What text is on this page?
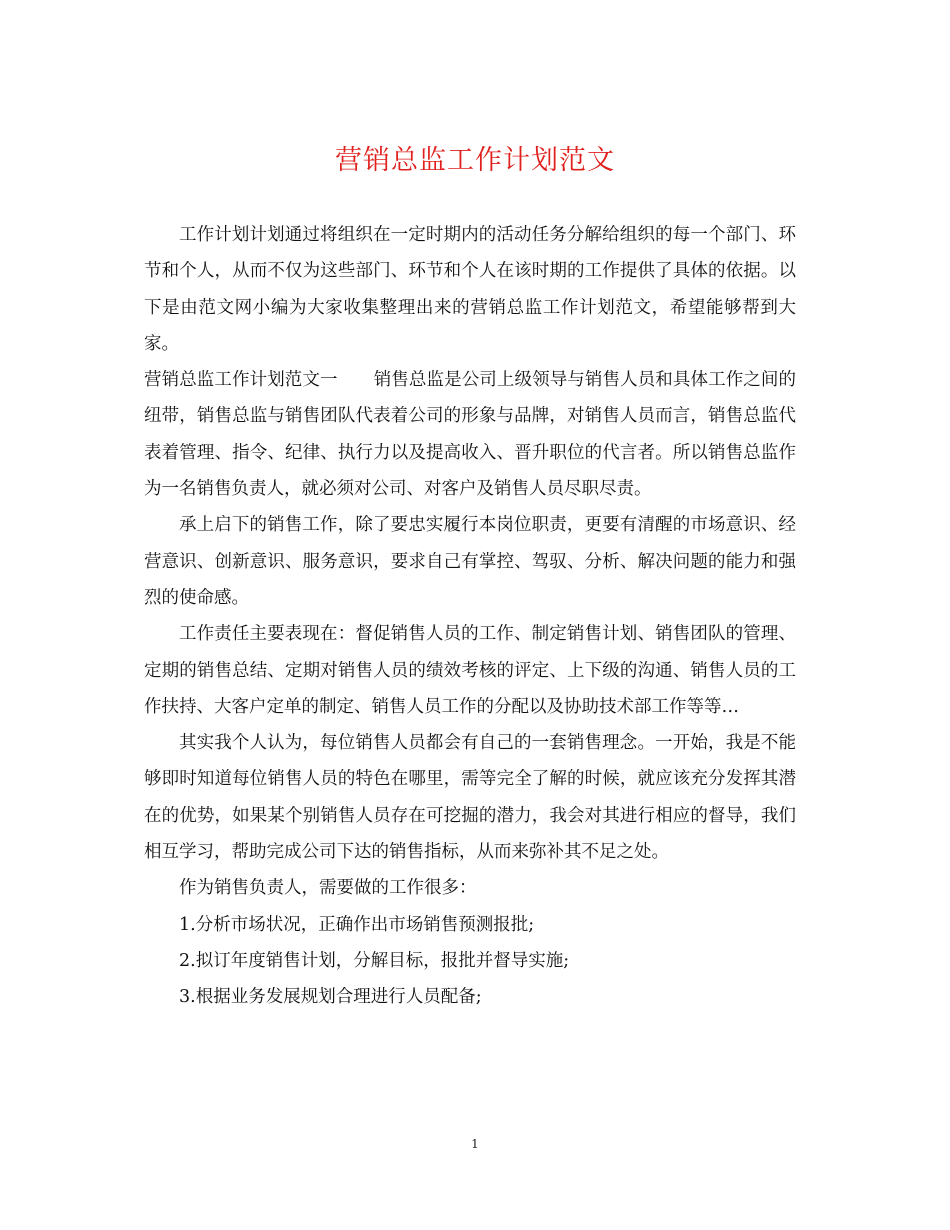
营销总监工作计划范文

工作计划计划通过将组织在一定时期内的活动任务分解给组织的每一个部门、环节和个人，从而不仅为这些部门、环节和个人在该时期的工作提供了具体的依据。以下是由范文网小编为大家收集整理出来的营销总监工作计划范文，希望能够帮到大家。

营销总监工作计划范文一 销售总监是公司上级领导与销售人员和具体工作之间的纽带，销售总监与销售团队代表着公司的形象与品牌，对销售人员而言，销售总监代表着管理、指令、纪律、执行力以及提高收入、晋升职位的代言者。所以销售总监作为一名销售负责人，就必须对公司、对客户及销售人员尽职尽责。

承上启下的销售工作，除了要忠实履行本岗位职责，更要有清醒的市场意识、经营意识、创新意识、服务意识，要求自己有掌控、驾驭、分析、解决问题的能力和强烈的使命感。

工作责任主要表现在：督促销售人员的工作、制定销售计划、销售团队的管理、定期的销售总结、定期对销售人员的绩效考核的评定、上下级的沟通、销售人员的工作扶持、大客户定单的制定、销售人员工作的分配以及协助技术部工作等等…

其实我个人认为，每位销售人员都会有自己的一套销售理念。一开始，我是不能够即时知道每位销售人员的特色在哪里，需等完全了解的时候，就应该充分发挥其潜在的优势，如果某个别销售人员存在可挖掘的潜力，我会对其进行相应的督导，我们相互学习，帮助完成公司下达的销售指标，从而来弥补其不足之处。

作为销售负责人，需要做的工作很多：

1.分析市场状况，正确作出市场销售预测报批;

2.拟订年度销售计划，分解目标，报批并督导实施;

3.根据业务发展规划合理进行人员配备;

1
